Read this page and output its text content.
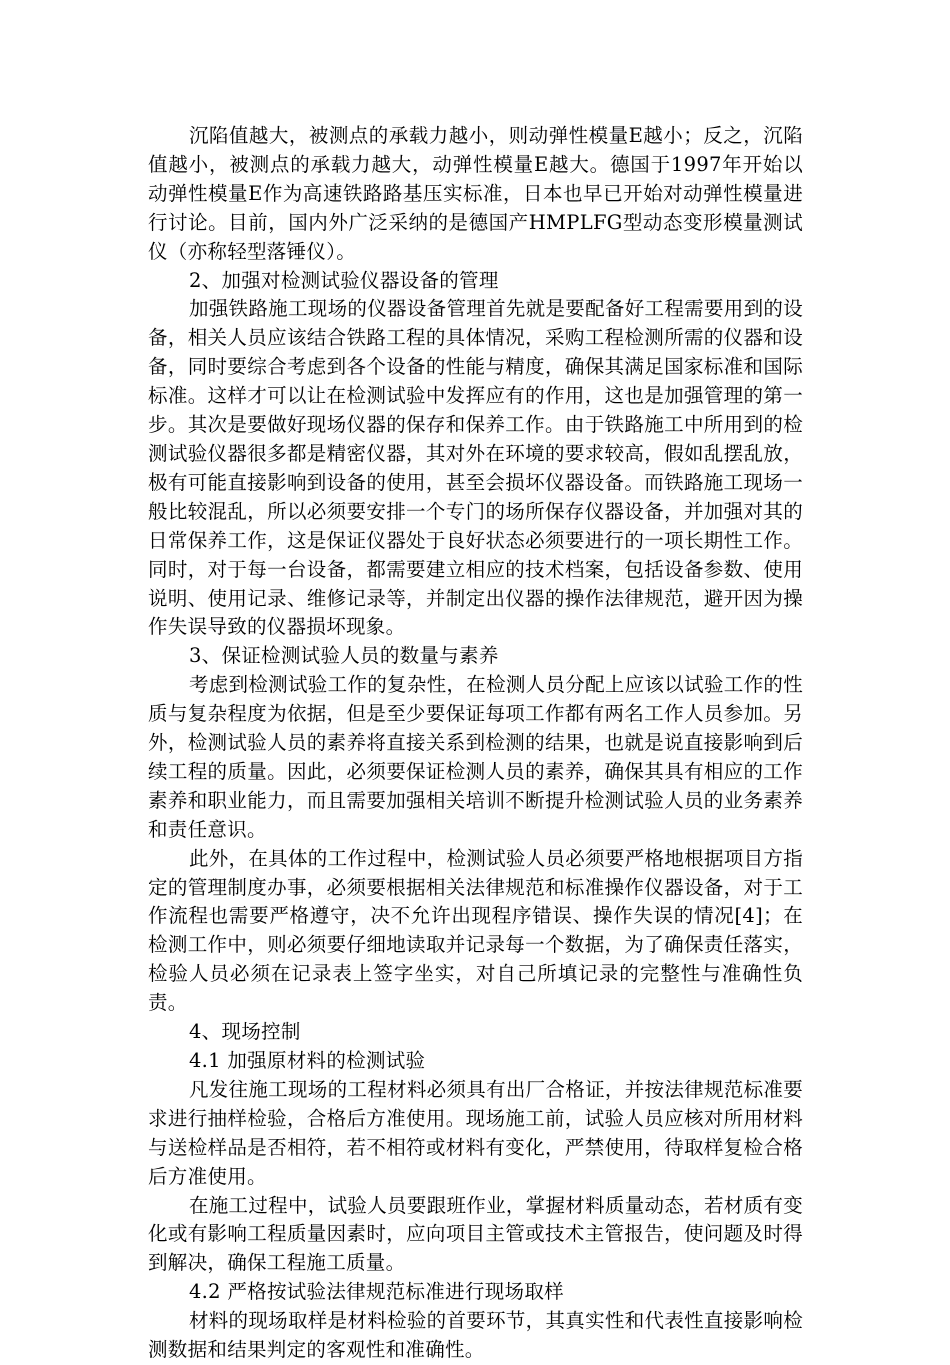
沉陷值越大，被测点的承载力越小，则动弹性模量E越小；反之，沉陷值越小，被测点的承载力越大，动弹性模量E越大。德国于1997年开始以动弹性模量E作为高速铁路路基压实标准，日本也早已开始对动弹性模量进行讨论。目前，国内外广泛采纳的是德国产HMPLFG型动态变形模量测试仪（亦称轻型落锤仪）。

2、加强对检测试验仪器设备的管理

加强铁路施工现场的仪器设备管理首先就是要配备好工程需要用到的设备，相关人员应该结合铁路工程的具体情况，采购工程检测所需的仪器和设备，同时要综合考虑到各个设备的性能与精度，确保其满足国家标准和国际标准。这样才可以让在检测试验中发挥应有的作用，这也是加强管理的第一步。其次是要做好现场仪器的保存和保养工作。由于铁路施工中所用到的检测试验仪器很多都是精密仪器，其对外在环境的要求较高，假如乱摆乱放，极有可能直接影响到设备的使用，甚至会损坏仪器设备。而铁路施工现场一般比较混乱，所以必须要安排一个专门的场所保存仪器设备，并加强对其的日常保养工作，这是保证仪器处于良好状态必须要进行的一项长期性工作。同时，对于每一台设备，都需要建立相应的技术档案，包括设备参数、使用说明、使用记录、维修记录等，并制定出仪器的操作法律规范，避开因为操作失误导致的仪器损坏现象。

3、保证检测试验人员的数量与素养

考虑到检测试验工作的复杂性，在检测人员分配上应该以试验工作的性质与复杂程度为依据，但是至少要保证每项工作都有两名工作人员参加。另外，检测试验人员的素养将直接关系到检测的结果，也就是说直接影响到后续工程的质量。因此，必须要保证检测人员的素养，确保其具有相应的工作素养和职业能力，而且需要加强相关培训不断提升检测试验人员的业务素养和责任意识。

此外，在具体的工作过程中，检测试验人员必须要严格地根据项目方指定的管理制度办事，必须要根据相关法律规范和标准操作仪器设备，对于工作流程也需要严格遵守，决不允许出现程序错误、操作失误的情况[4]；在检测工作中，则必须要仔细地读取并记录每一个数据，为了确保责任落实，检验人员必须在记录表上签字坐实，对自己所填记录的完整性与准确性负责。

4、现场控制

4.1 加强原材料的检测试验

凡发往施工现场的工程材料必须具有出厂合格证，并按法律规范标准要求进行抽样检验，合格后方准使用。现场施工前，试验人员应核对所用材料与送检样品是否相符，若不相符或材料有变化，严禁使用，待取样复检合格后方准使用。

在施工过程中，试验人员要跟班作业，掌握材料质量动态，若材质有变化或有影响工程质量因素时，应向项目主管或技术主管报告，使问题及时得到解决，确保工程施工质量。

4.2 严格按试验法律规范标准进行现场取样

材料的现场取样是材料检验的首要环节，其真实性和代表性直接影响检测数据和结果判定的客观性和准确性。
